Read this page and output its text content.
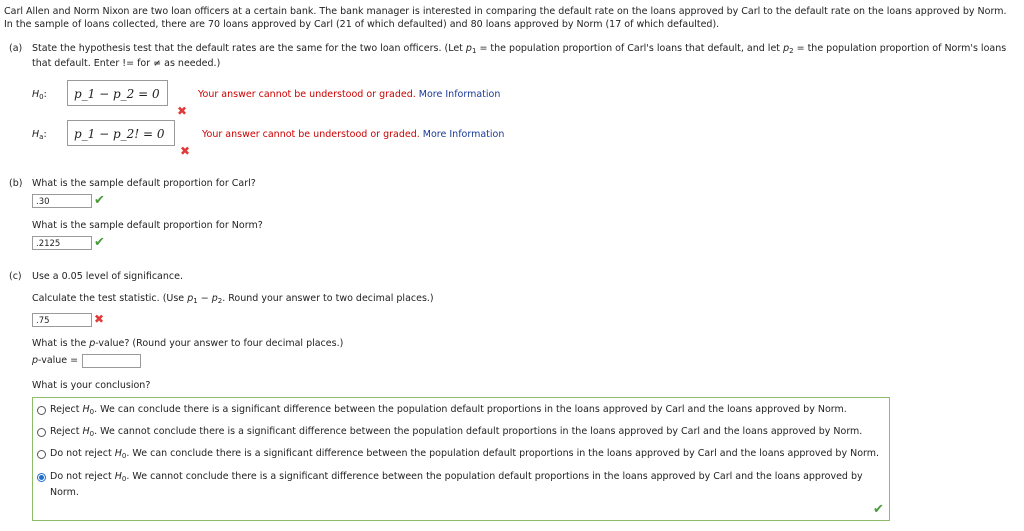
Carl Allen and Norm Nixon are two loan officers at a certain bank. The bank manager is interested in comparing the default rate on the loans approved by Carl to the default rate on the loans approved by Norm.
In the sample of loans collected, there are 70 loans approved by Carl (21 of which defaulted) and 80 loans approved by Norm (17 of which defaulted).
(a) State the hypothesis test that the default rates are the same for the two loan officers. (Let $p_1$ = the population proportion of Carl's loans that default, and let $p_2$ = the population proportion of Norm's loans
that default. Enter != for ≠ as needed.)
$H_0$:	p_1 − p_2 = 0	Your answer cannot be understood or graded. More Information
✖
$H_a$:	p_1 − p_2! = 0	Your answer cannot be understood or graded. More Information
✖
(b) What is the sample default proportion for Carl?
.30	✔
What is the sample default proportion for Norm?
.2125	✔
(c) Use a 0.05 level of significance.
Calculate the test statistic. (Use $p_1 - p_2$. Round your answer to two decimal places.)
.75	✖
What is the p-value? (Round your answer to four decimal places.)
p-value =
What is your conclusion?
Reject $H_0$. We can conclude there is a significant difference between the population default proportions in the loans approved by Carl and the loans approved by Norm.
Reject $H_0$. We cannot conclude there is a significant difference between the population default proportions in the loans approved by Carl and the loans approved by Norm.
Do not reject $H_0$. We can conclude there is a significant difference between the population default proportions in the loans approved by Carl and the loans approved by Norm.
Do not reject $H_0$. We cannot conclude there is a significant difference between the population default proportions in the loans approved by Carl and the loans approved by
Norm.
✔
